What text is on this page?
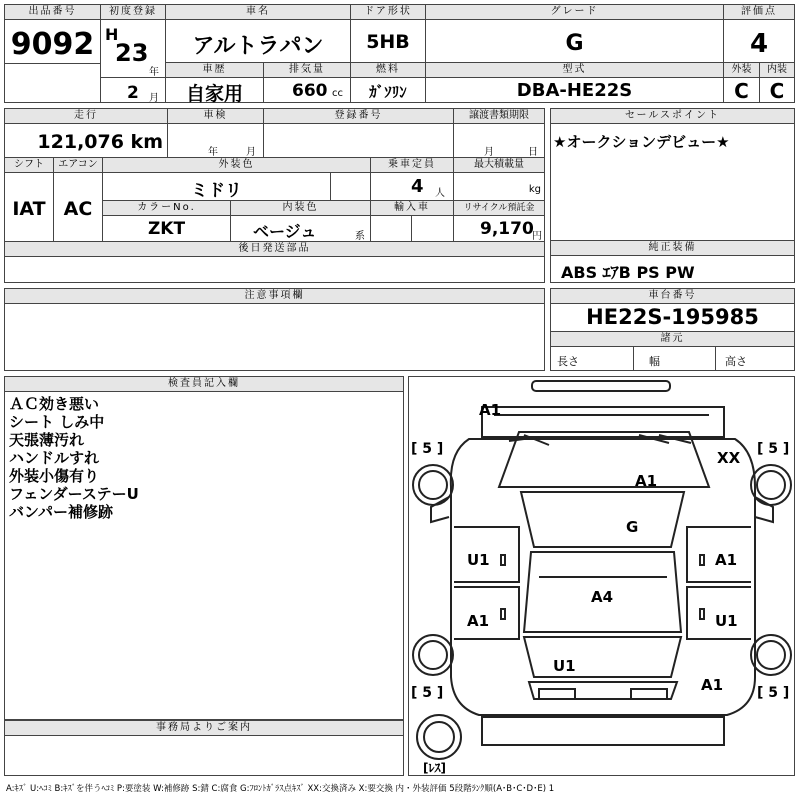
出品番号
9092
初度登録
H
23
年
2 月
車名
アルトラパン
ドア形状
5HB
グレード
G
評価点
4
車歴
自家用
排気量
660 cc
燃料
ｶﾞｿﾘﾝ
型式
DBA-HE22S
外装
C
内装
C
走行
121,076 km
車検
年	月
登録番号	譲渡書類期限
月	日
シフト
IAT
エアコン
AC
外装色
ミドリ
乗車定員
4 人
最大積載量
kg
カラーNo.
ZKT
内装色
ベージュ	系
輸入車	リサイクル預託金
9,170
円
後日発送部品
注意事項欄
セールスポイント
★オークションデビュー★
純正装備
ABS ｴｱB PS PW
車台番号
HE22S-195985
諸元
長さ	幅	高さ
検査員記入欄
ＡＣ効き悪い
シート しみ中
天張薄汚れ
ハンドルすれ
外装小傷有り
フェンダーステーU
バンパー補修跡
事務局よりご案内
A1
XX
A1
G
U1	A1
A4
A1	U1
U1
A1
[ 5 ]	[ 5 ]
[ 5 ]	[ 5 ]
[ﾚｽ]
A:ｷｽﾞ U:ﾍｺﾐ B:ｷｽﾞを伴うﾍｺﾐ P:要塗装 W:補修跡 S:錆 C:腐食 G:ﾌﾛﾝﾄｶﾞﾗｽ点ｷｽﾞ XX:交換済み X:要交換 内・外装評価 5段階ﾗﾝｸ順(A･B･C･D･E) 1
